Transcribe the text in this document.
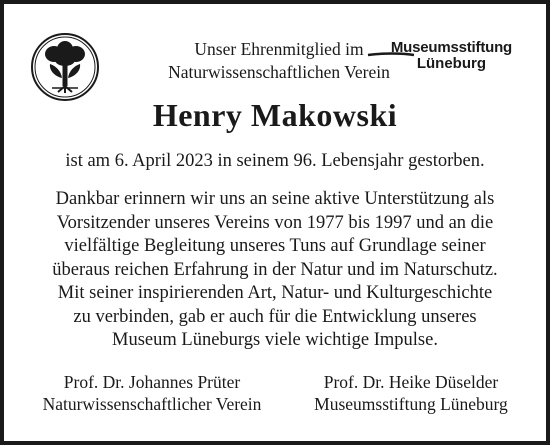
Unser Ehrenmitglied im
Naturwissenschaftlichen Verein
Museumsstiftung
Lüneburg
Henry Makowski
ist am 6. April 2023 in seinem 96. Lebensjahr gestorben.
Dankbar erinnern wir uns an seine aktive Unterstützung als
Vorsitzender unseres Vereins von 1977 bis 1997 und an die
vielfältige Begleitung unseres Tuns auf Grundlage seiner
überaus reichen Erfahrung in der Natur und im Naturschutz.
Mit seiner inspirierenden Art, Natur- und Kulturgeschichte
zu verbinden, gab er auch für die Entwicklung unseres
Museum Lüneburgs viele wichtige Impulse.
Prof. Dr. Johannes Prüter
Naturwissenschaftlicher Verein
Prof. Dr. Heike Düselder
Museumsstiftung Lüneburg
